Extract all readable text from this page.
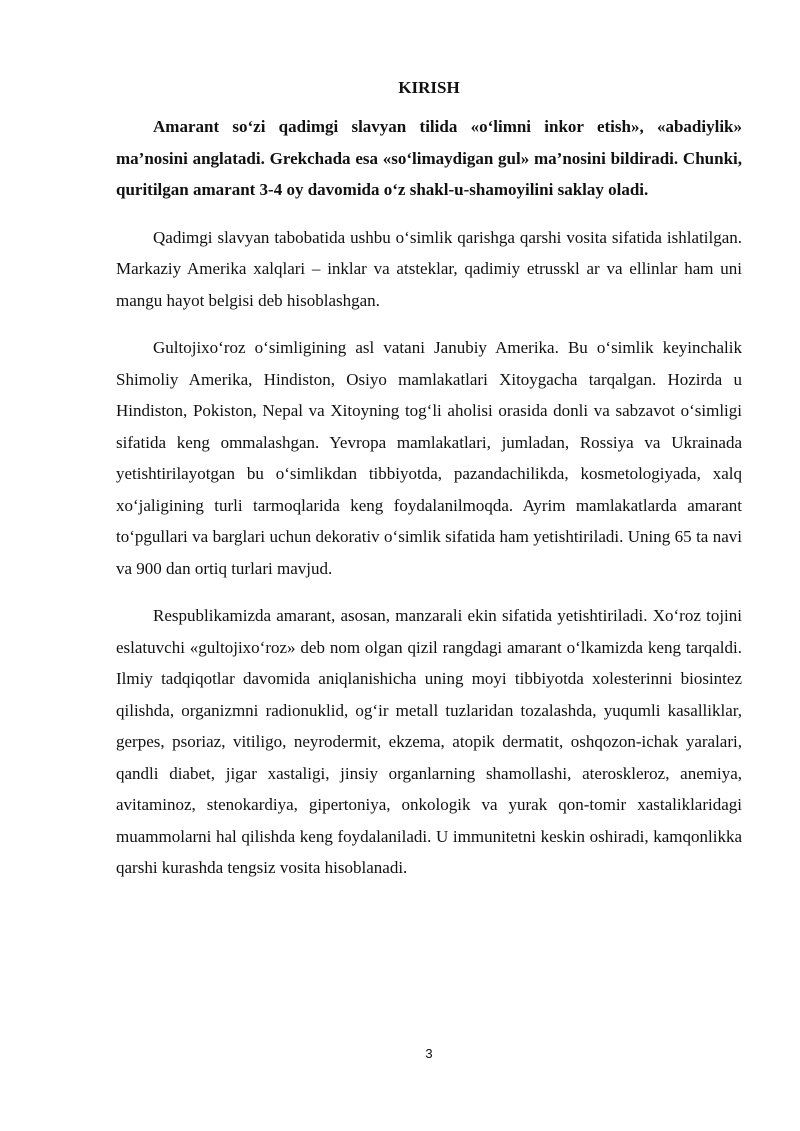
KIRISH

Amarant so‘zi qadimgi slavyan tilida «o‘limni inkor etish», «abadiylik» ma’nosini anglatadi. Grekchada esa «so‘limaydigan gul» ma’nosini bildiradi. Chunki, quritilgan amarant 3-4 oy davomida o‘z shakl-u-shamoyilini saklay oladi.

Qadimgi slavyan tabobatida ushbu o‘simlik qarishga qarshi vosita sifatida ishlatilgan. Markaziy Amerika xalqlari – inklar va atsteklar, qadimiy etrusskl ar va ellinlar ham uni mangu hayot belgisi deb hisoblashgan.

Gultojixo‘roz o‘simligining asl vatani Janubiy Amerika. Bu o‘simlik keyinchalik Shimoliy Amerika, Hindiston, Osiyo mamlakatlari Xitoygacha tarqalgan. Hozirda u Hindiston, Pokiston, Nepal va Xitoyning tog‘li aholisi orasida donli va sabzavot o‘simligi sifatida keng ommalashgan. Yevropa mamlakatlari, jumladan, Rossiya va Ukrainada yetishtirilayotgan bu o‘simlikdan tibbiyotda, pazandachilikda, kosmetologiyada, xalq xo‘jaligining turli tarmoqlarida keng foydalanilmoqda. Ayrim mamlakatlarda amarant to‘pgullari va barglari uchun dekorativ o‘simlik sifatida ham yetishtiriladi. Uning 65 ta navi va 900 dan ortiq turlari mavjud.

Respublikamizda amarant, asosan, manzarali ekin sifatida yetishtiriladi. Xo‘roz tojini eslatuvchi «gultojixo‘roz» deb nom olgan qizil rangdagi amarant o‘lkamizda keng tarqaldi. Ilmiy tadqiqotlar davomida aniqlanishicha uning moyi tibbiyotda xolesterinni biosintez qilishda, organizmni radionuklid, og‘ir metall tuzlaridan tozalashda, yuqumli kasalliklar, gerpes, psoriaz, vitiligo, neyrodermit, ekzema, atopik dermatit, oshqozon-ichak yaralari, qandli diabet, jigar xastaligi, jinsiy organlarning shamollashi, ateroskleroz, anemiya, avitaminoz, stenokardiya, gipertoniya, onkologik va yurak qon-tomir xastaliklaridagi muammolarni hal qilishda keng foydalaniladi. U immunitetni keskin oshiradi, kamqonlikka qarshi kurashda tengsiz vosita hisoblanadi.

3
